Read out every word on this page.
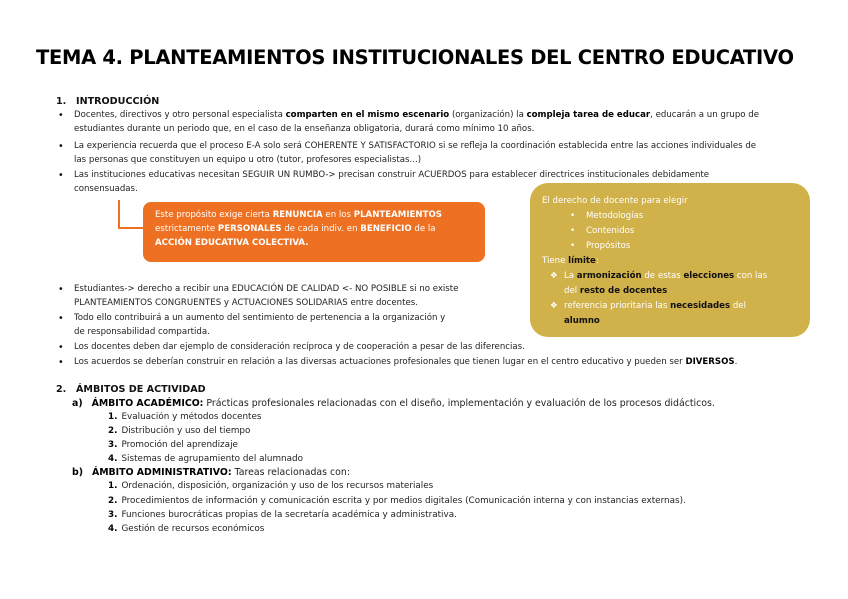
TEMA 4. PLANTEAMIENTOS INSTITUCIONALES DEL CENTRO EDUCATIVO
1. INTRODUCCIÓN
• Docentes, directivos y otro personal especialista comparten en el mismo escenario (organización) la compleja tarea de educar, educarán a un grupo de
estudiantes durante un periodo que, en el caso de la enseñanza obligatoria, durará como mínimo 10 años.
• La experiencia recuerda que el proceso E-A solo será COHERENTE Y SATISFACTORIO si se refleja la coordinación establecida entre las acciones individuales de
las personas que constituyen un equipo u otro (tutor, profesores especialistas...)
• Las instituciones educativas necesitan SEGUIR UN RUMBO-> precisan construir ACUERDOS para establecer directrices institucionales debidamente
consensuadas.
Este propósito exige cierta RENUNCIA en los PLANTEAMIENTOS
estrictamente PERSONALES de cada indiv. en BENEFICIO de la
ACCIÓN EDUCATIVA COLECTIVA.
El derecho de docente para elegir
•    Metodologías
•    Contenidos
•    Propósitos
Tiene límite:
❖ La armonización de estas elecciones con las
del resto de docentes
❖ referencia prioritaria las necesidades del
alumno
• Estudiantes-> derecho a recibir una EDUCACIÓN DE CALIDAD <- NO POSIBLE si no existe
PLANTEAMIENTOS CONGRUENTES y ACTUACIONES SOLIDARIAS entre docentes.
• Todo ello contribuirá a un aumento del sentimiento de pertenencia a la organización y
de responsabilidad compartida.
• Los docentes deben dar ejemplo de consideración recíproca y de cooperación a pesar de las diferencias.
• Los acuerdos se deberían construir en relación a las diversas actuaciones profesionales que tienen lugar en el centro educativo y pueden ser DIVERSOS.
2. ÁMBITOS DE ACTIVIDAD
a) ÁMBITO ACADÉMICO: Prácticas profesionales relacionadas con el diseño, implementación y evaluación de los procesos didácticos.
1. Evaluación y métodos docentes
2. Distribución y uso del tiempo
3. Promoción del aprendizaje
4. Sistemas de agrupamiento del alumnado
b) ÁMBITO ADMINISTRATIVO: Tareas relacionadas con:
1. Ordenación, disposición, organización y uso de los recursos materiales
2. Procedimientos de información y comunicación escrita y por medios digitales (Comunicación interna y con instancias externas).
3. Funciones burocráticas propias de la secretaría académica y administrativa.
4. Gestión de recursos económicos
